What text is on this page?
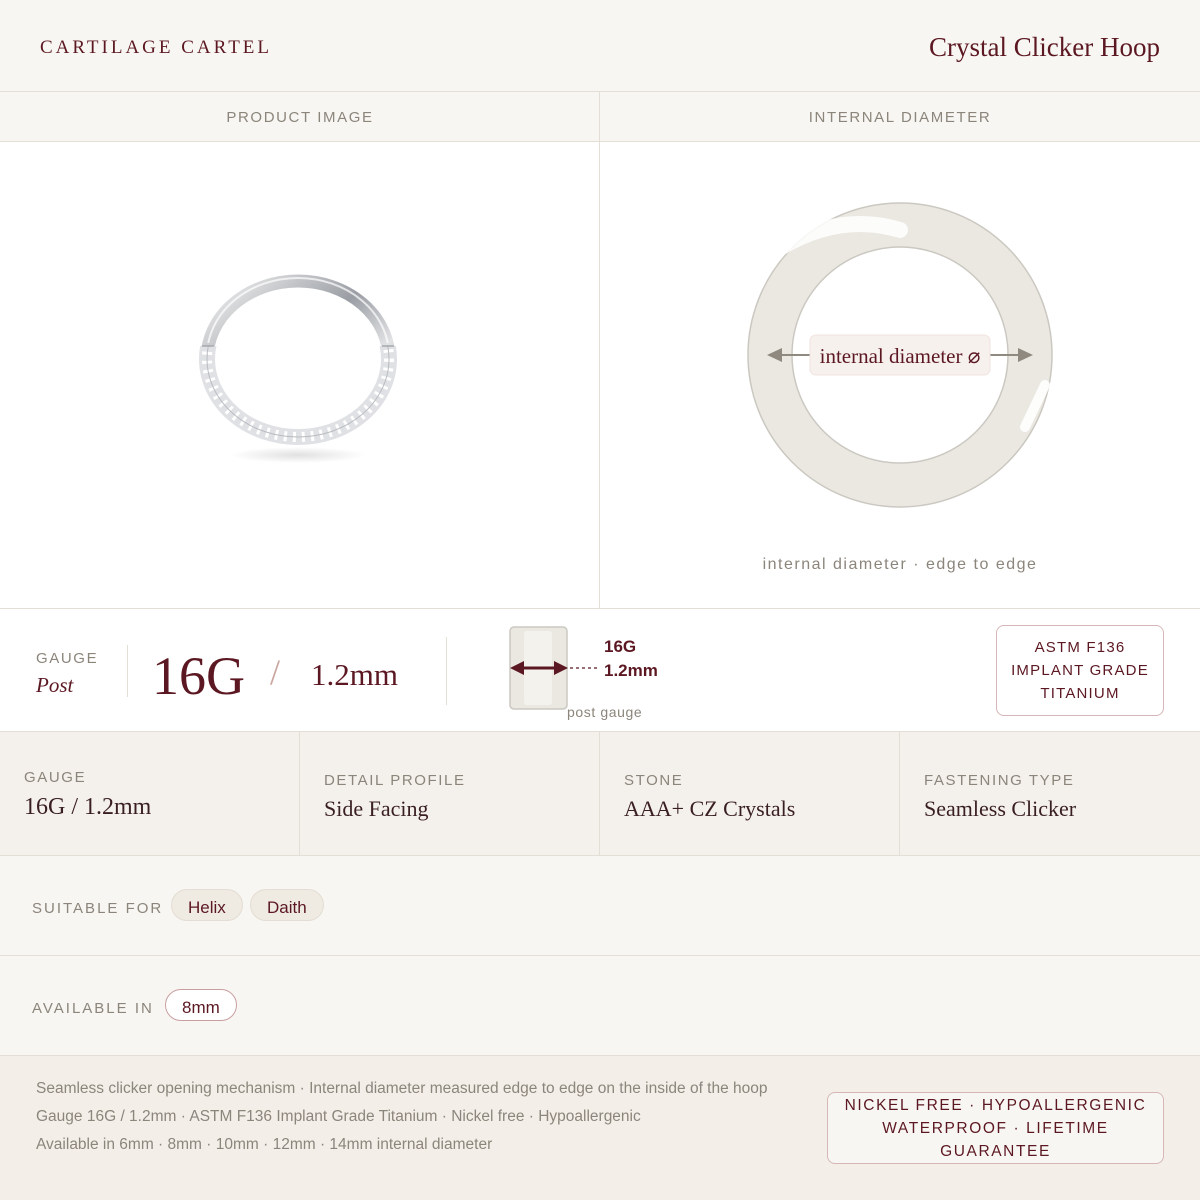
CARTILAGE CARTEL	Crystal Clicker Hoop
PRODUCT IMAGE	INTERNAL DIAMETER
internal diameter ⌀
internal diameter · edge to edge
GAUGE
Post 16G / 1.2mm
16G
1.2mm
post gauge
ASTM F136 IMPLANT GRADE TITANIUM
GAUGE
16G / 1.2mm
DETAIL PROFILE
Side Facing
STONE
AAA+ CZ Crystals
FASTENING TYPE
Seamless Clicker
SUITABLE FOR	Helix	Daith
AVAILABLE IN	8mm
Seamless clicker opening mechanism · Internal diameter measured edge to edge on the inside of the hoop
Gauge 16G / 1.2mm · ASTM F136 Implant Grade Titanium · Nickel free · Hypoallergenic
Available in 6mm · 8mm · 10mm · 12mm · 14mm internal diameter
NICKEL FREE · HYPOALLERGENIC
WATERPROOF · LIFETIME GUARANTEE
